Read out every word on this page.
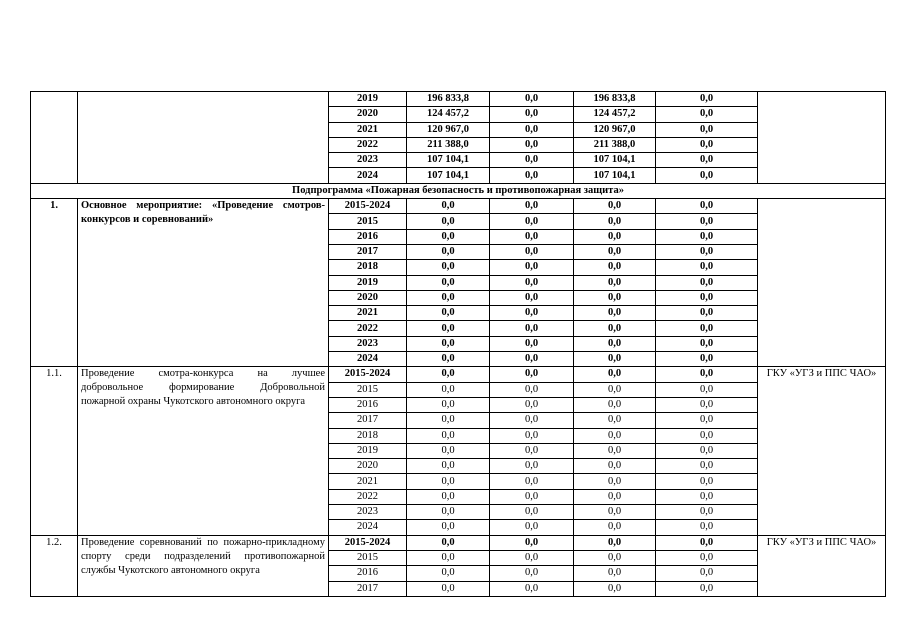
		2019	196 833,8	0,0	196 833,8	0,0	
		2020	124 457,2	0,0	124 457,2	0,0	
		2021	120 967,0	0,0	120 967,0	0,0	
		2022	211 388,0	0,0	211 388,0	0,0	
		2023	107 104,1	0,0	107 104,1	0,0	
		2024	107 104,1	0,0	107 104,1	0,0	
Подпрограмма «Пожарная безопасность и противопожарная защита»							
1.	Основное мероприятие: «Проведение смотров-конкурсов и соревнований»	2015-2024	0,0	0,0	0,0	0,0	
		2015	0,0	0,0	0,0	0,0	
		2016	0,0	0,0	0,0	0,0	
		2017	0,0	0,0	0,0	0,0	
		2018	0,0	0,0	0,0	0,0	
		2019	0,0	0,0	0,0	0,0	
		2020	0,0	0,0	0,0	0,0	
		2021	0,0	0,0	0,0	0,0	
		2022	0,0	0,0	0,0	0,0	
		2023	0,0	0,0	0,0	0,0	
		2024	0,0	0,0	0,0	0,0	
1.1.	Проведение смотра-конкурса на лучшее добровольное формирование Добровольной пожарной охраны Чукотского автономного округа	2015-2024	0,0	0,0	0,0	0,0	ГКУ «УГЗ и ППС ЧАО»
		2015	0,0	0,0	0,0	0,0	
		2016	0,0	0,0	0,0	0,0	
		2017	0,0	0,0	0,0	0,0	
		2018	0,0	0,0	0,0	0,0	
		2019	0,0	0,0	0,0	0,0	
		2020	0,0	0,0	0,0	0,0	
		2021	0,0	0,0	0,0	0,0	
		2022	0,0	0,0	0,0	0,0	
		2023	0,0	0,0	0,0	0,0	
		2024	0,0	0,0	0,0	0,0	
1.2.	Проведение соревнований по пожарно-прикладному спорту среди подразделений противопожарной службы Чукотского автономного округа	2015-2024	0,0	0,0	0,0	0,0	ГКУ «УГЗ и ППС ЧАО»
		2015	0,0	0,0	0,0	0,0	
		2016	0,0	0,0	0,0	0,0	
		2017	0,0	0,0	0,0	0,0	
